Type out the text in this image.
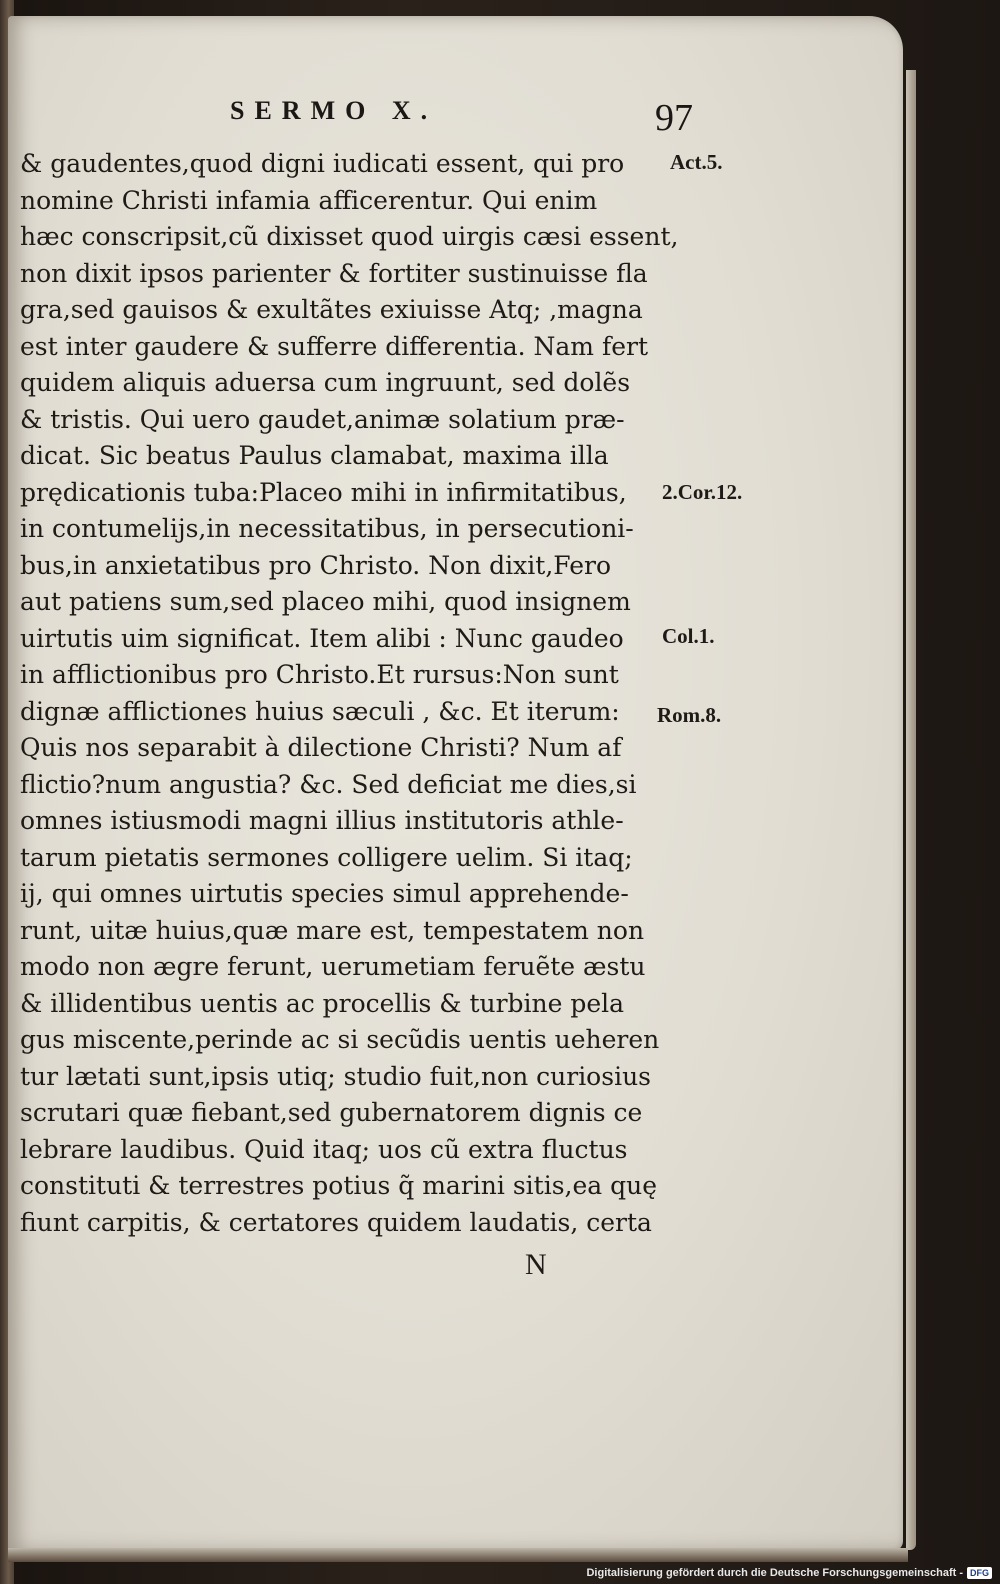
SERMO X.	97
& gaudentes,quod digni iudicati essent, qui pro
nomine Christi infamia afficerentur. Qui enim
hæc conscripsit,cũ dixisset quod uirgis cæsi essent,
non dixit ipsos parienter & fortiter sustinuisse fla
gra,sed gauisos & exultãtes exiuisse Atq; ,magna
est inter gaudere & sufferre differentia. Nam fert
quidem aliquis aduersa cum ingruunt, sed dolẽs
& tristis. Qui uero gaudet,animæ solatium præ-
dicat. Sic beatus Paulus clamabat, maxima illa
prędicationis tuba:Placeo mihi in infirmitatibus,
in contumelijs,in necessitatibus, in persecutioni-
bus,in anxietatibus pro Christo. Non dixit,Fero
aut patiens sum,sed placeo mihi, quod insignem
uirtutis uim significat. Item alibi : Nunc gaudeo
in afflictionibus pro Christo.Et rursus:Non sunt
dignæ afflictiones huius sæculi , &c. Et iterum:
Quis nos separabit à dilectione Christi? Num af
flictio?num angustia? &c. Sed deficiat me dies,si
omnes istiusmodi magni illius institutoris athle-
tarum pietatis sermones colligere uelim. Si itaq;
ij, qui omnes uirtutis species simul apprehende-
runt, uitæ huius,quæ mare est, tempestatem non
modo non ægre ferunt, uerumetiam feruẽte æstu
& illidentibus uentis ac procellis & turbine pela
gus miscente,perinde ac si secũdis uentis ueheren
tur lætati sunt,ipsis utiq; studio fuit,non curiosius
scrutari quæ fiebant,sed gubernatorem dignis ce
lebrare laudibus. Quid itaq; uos cũ extra fluctus
constituti & terrestres potius q̃ marini sitis,ea quę
fiunt carpitis, & certatores quidem laudatis, certa
Act.5.
2.Cor.12.
Col.1.
Rom.8.
N
Digitalisierung gefördert durch die Deutsche Forschungsgemeinschaft - DFG
